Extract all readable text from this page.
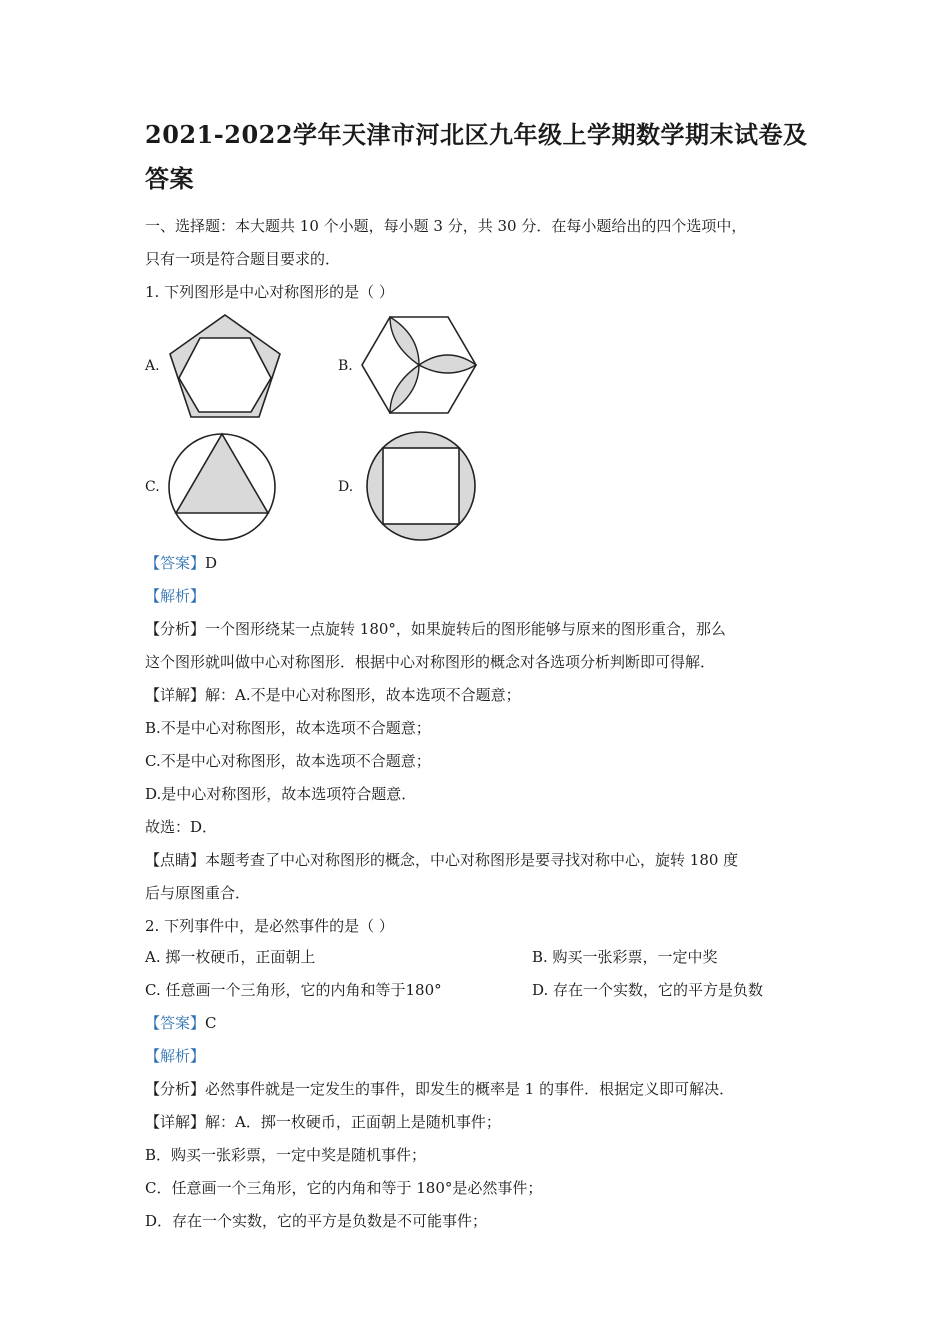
2021-2022学年天津市河北区九年级上学期数学期末试卷及
答案
一、选择题：本大题共 10 个小题，每小题 3 分，共 30 分．在每小题给出的四个选项中，
只有一项是符合题目要求的．
1. 下列图形是中心对称图形的是（ ）
A.	B.
C.	D.
【答案】D
【解析】
【分析】一个图形绕某一点旋转 180°，如果旋转后的图形能够与原来的图形重合，那么
这个图形就叫做中心对称图形．根据中心对称图形的概念对各选项分析判断即可得解．
【详解】解：A.不是中心对称图形，故本选项不合题意；
B.不是中心对称图形，故本选项不合题意；
C.不是中心对称图形，故本选项不合题意；
D.是中心对称图形，故本选项符合题意．
故选：D．
【点睛】本题考查了中心对称图形的概念，中心对称图形是要寻找对称中心，旋转 180 度
后与原图重合．
2. 下列事件中，是必然事件的是（ ）
A. 掷一枚硬币，正面朝上	B. 购买一张彩票，一定中奖
C. 任意画一个三角形，它的内角和等于180°	D. 存在一个实数，它的平方是负数
【答案】C
【解析】
【分析】必然事件就是一定发生的事件，即发生的概率是 1 的事件．根据定义即可解决．
【详解】解：A．掷一枚硬币，正面朝上是随机事件；
B．购买一张彩票，一定中奖是随机事件；
C．任意画一个三角形，它的内角和等于 180°是必然事件；
D．存在一个实数，它的平方是负数是不可能事件；
